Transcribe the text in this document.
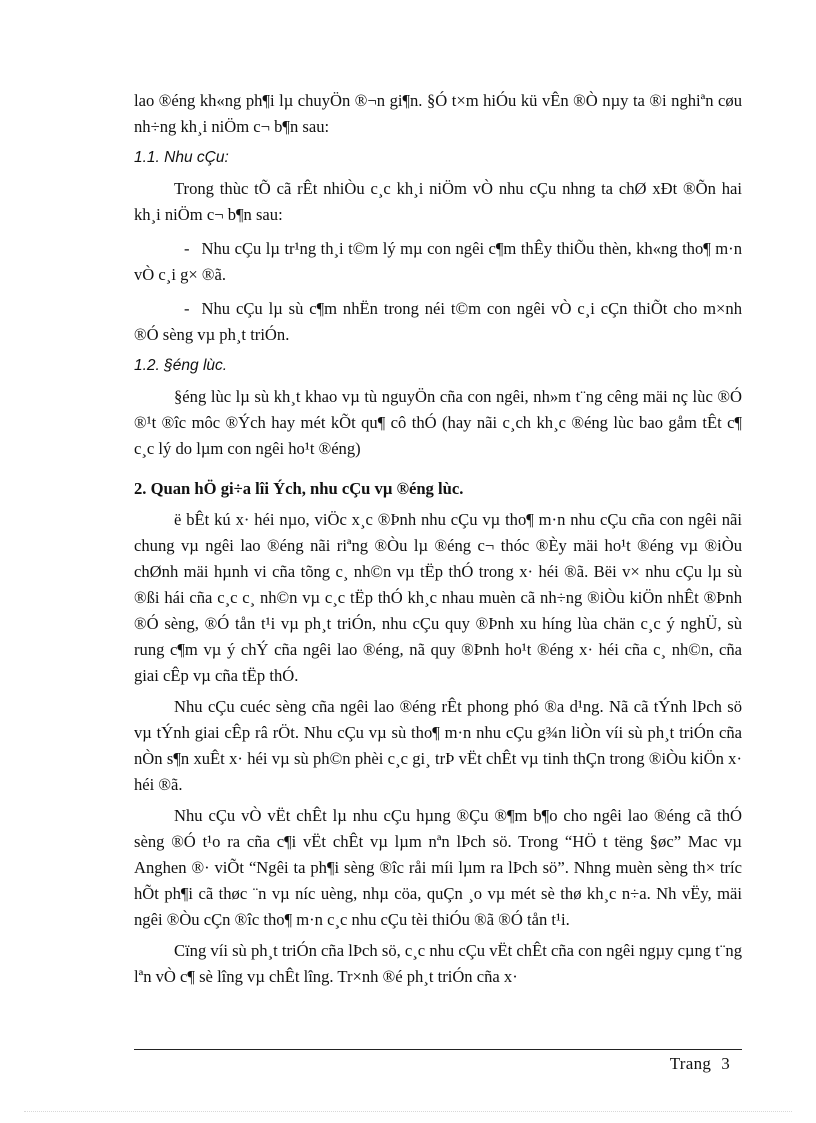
lao ®éng kh«ng ph¶i lµ chuyÖn ®¬n gi¶n. §Ó t×m hiÓu kü vÊn ®Ò nµy ta ®i nghiªn cøu nh÷ng kh¸i niÖm c¬ b¶n sau:

1.1. Nhu cÇu:

Trong thùc tÕ cã rÊt nhiÒu c¸c kh¸i niÖm vÒ nhu cÇu nhng ta chØ xÐt ®Õn hai kh¸i niÖm c¬ b¶n sau:

- Nhu cÇu lµ tr¹ng th¸i t©m lý mµ con ngêi c¶m thÊy thiÕu thèn, kh«ng tho¶ m·n vÒ c¸i g× ®ã.

- Nhu cÇu lµ sù c¶m nhËn trong néi t©m con ngêi vÒ c¸i cÇn thiÕt cho m×nh ®Ó sèng vµ ph¸t triÓn.

1.2. §éng lùc.

§éng lùc lµ sù kh¸t khao vµ tù nguyÖn cña con ngêi, nh»m t¨ng cêng mäi nç lùc ®Ó ®¹t ®îc môc ®Ých hay mét kÕt qu¶ cô thÓ (hay nãi c¸ch kh¸c ®éng lùc bao gåm tÊt c¶ c¸c lý do lµm con ngêi ho¹t ®éng)

2. Quan hÖ gi÷a lîi Ých, nhu cÇu vµ ®éng lùc.

ë bÊt kú x· héi nµo, viÖc x¸c ®Þnh nhu cÇu vµ tho¶ m·n nhu cÇu cña con ngêi nãi chung vµ ngêi lao ®éng nãi riªng ®Òu lµ ®éng c¬ thóc ®Èy mäi ho¹t ®éng vµ ®iÒu chØnh mäi hµnh vi cña tõng c¸ nh©n vµ tËp thÓ trong x· héi ®ã. Bëi v× nhu cÇu lµ sù ®ßi hái cña c¸c c¸ nh©n vµ c¸c tËp thÓ kh¸c nhau muèn cã nh÷ng ®iÒu kiÖn nhÊt ®Þnh ®Ó sèng, ®Ó tån t¹i vµ ph¸t triÓn, nhu cÇu quy ®Þnh xu híng lùa chän c¸c ý nghÜ, sù rung c¶m vµ ý chÝ cña ngêi lao ®éng, nã quy ®Þnh ho¹t ®éng x· héi cña c¸ nh©n, cña giai cÊp vµ cña tËp thÓ.

Nhu cÇu cuéc sèng cña ngêi lao ®éng rÊt phong phó ®a d¹ng. Nã cã tÝnh lÞch sö vµ tÝnh giai cÊp râ rÖt. Nhu cÇu vµ sù tho¶ m·n nhu cÇu g¾n liÒn víi sù ph¸t triÓn cña nÒn s¶n xuÊt x· héi vµ sù ph©n phèi c¸c gi¸ trÞ vËt chÊt vµ tinh thÇn trong ®iÒu kiÖn x· héi ®ã.

Nhu cÇu vÒ vËt chÊt lµ nhu cÇu hµng ®Çu ®¶m b¶o cho ngêi lao ®éng cã thÓ sèng ®Ó t¹o ra cña c¶i vËt chÊt vµ lµm nªn lÞch sö. Trong “HÖ t tëng §øc” Mac vµ Anghen ®· viÕt “Ngêi ta ph¶i sèng ®îc råi míi lµm ra lÞch sö”. Nhng muèn sèng th× tríc hÕt ph¶i cã thøc ¨n vµ níc uèng, nhµ cöa, quÇn ¸o vµ mét sè thø kh¸c n÷a. Nh vËy, mäi ngêi ®Òu cÇn ®îc tho¶ m·n c¸c nhu cÇu tèi thiÓu ®ã ®Ó tån t¹i.

Cïng víi sù ph¸t triÓn cña lÞch sö, c¸c nhu cÇu vËt chÊt cña con ngêi ngµy cµng t¨ng lªn vÒ c¶ sè lîng vµ chÊt lîng. Tr×nh ®é ph¸t triÓn cña x·

Trang 3
